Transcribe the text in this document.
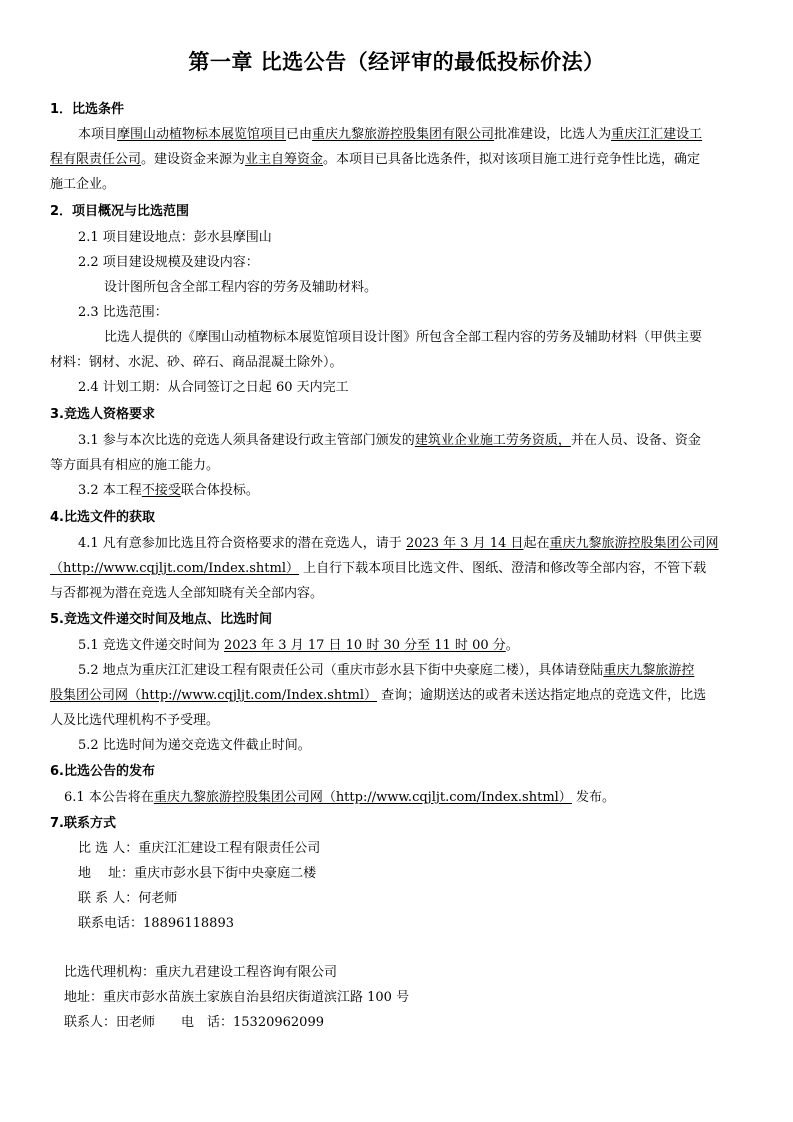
第一章 比选公告（经评审的最低投标价法）
1．比选条件
本项目摩围山动植物标本展览馆项目已由重庆九黎旅游控股集团有限公司批准建设，比选人为重庆江汇建设工
程有限责任公司。建设资金来源为业主自筹资金。本项目已具备比选条件，拟对该项目施工进行竞争性比选，确定
施工企业。
2．项目概况与比选范围
2.1 项目建设地点：彭水县摩围山
2.2 项目建设规模及建设内容：
设计图所包含全部工程内容的劳务及辅助材料。
2.3 比选范围：
比选人提供的《摩围山动植物标本展览馆项目设计图》所包含全部工程内容的劳务及辅助材料（甲供主要
材料：钢材、水泥、砂、碎石、商品混凝土除外）。
2.4 计划工期：从合同签订之日起 60 天内完工
3.竞选人资格要求
3.1 参与本次比选的竞选人须具备建设行政主管部门颁发的建筑业企业施工劳务资质，并在人员、设备、资金
等方面具有相应的施工能力。
3.2 本工程不接受联合体投标。
4.比选文件的获取
4.1 凡有意参加比选且符合资格要求的潜在竞选人，请于 2023 年 3 月 14 日起在重庆九黎旅游控股集团公司网
（http://www.cqjljt.com/Index.shtml） 上自行下载本项目比选文件、图纸、澄清和修改等全部内容，不管下载
与否都视为潜在竞选人全部知晓有关全部内容。
5.竞选文件递交时间及地点、比选时间
5.1 竞选文件递交时间为 2023 年 3 月 17 日 10 时 30 分至 11 时 00 分。
5.2 地点为重庆江汇建设工程有限责任公司（重庆市彭水县下街中央豪庭二楼），具体请登陆重庆九黎旅游控
股集团公司网（http://www.cqjljt.com/Index.shtml） 查询；逾期送达的或者未送达指定地点的竞选文件，比选
人及比选代理机构不予受理。
5.2 比选时间为递交竞选文件截止时间。
6.比选公告的发布
6.1 本公告将在重庆九黎旅游控股集团公司网（http://www.cqjljt.com/Index.shtml） 发布。
7.联系方式
比 选 人：重庆江汇建设工程有限责任公司
地　 址：重庆市彭水县下街中央豪庭二楼
联 系 人：何老师
联系电话：18896118893
比选代理机构：重庆九君建设工程咨询有限公司
地址：重庆市彭水苗族土家族自治县绍庆街道滨江路 100 号
联系人：田老师　　电　话：15320962099
